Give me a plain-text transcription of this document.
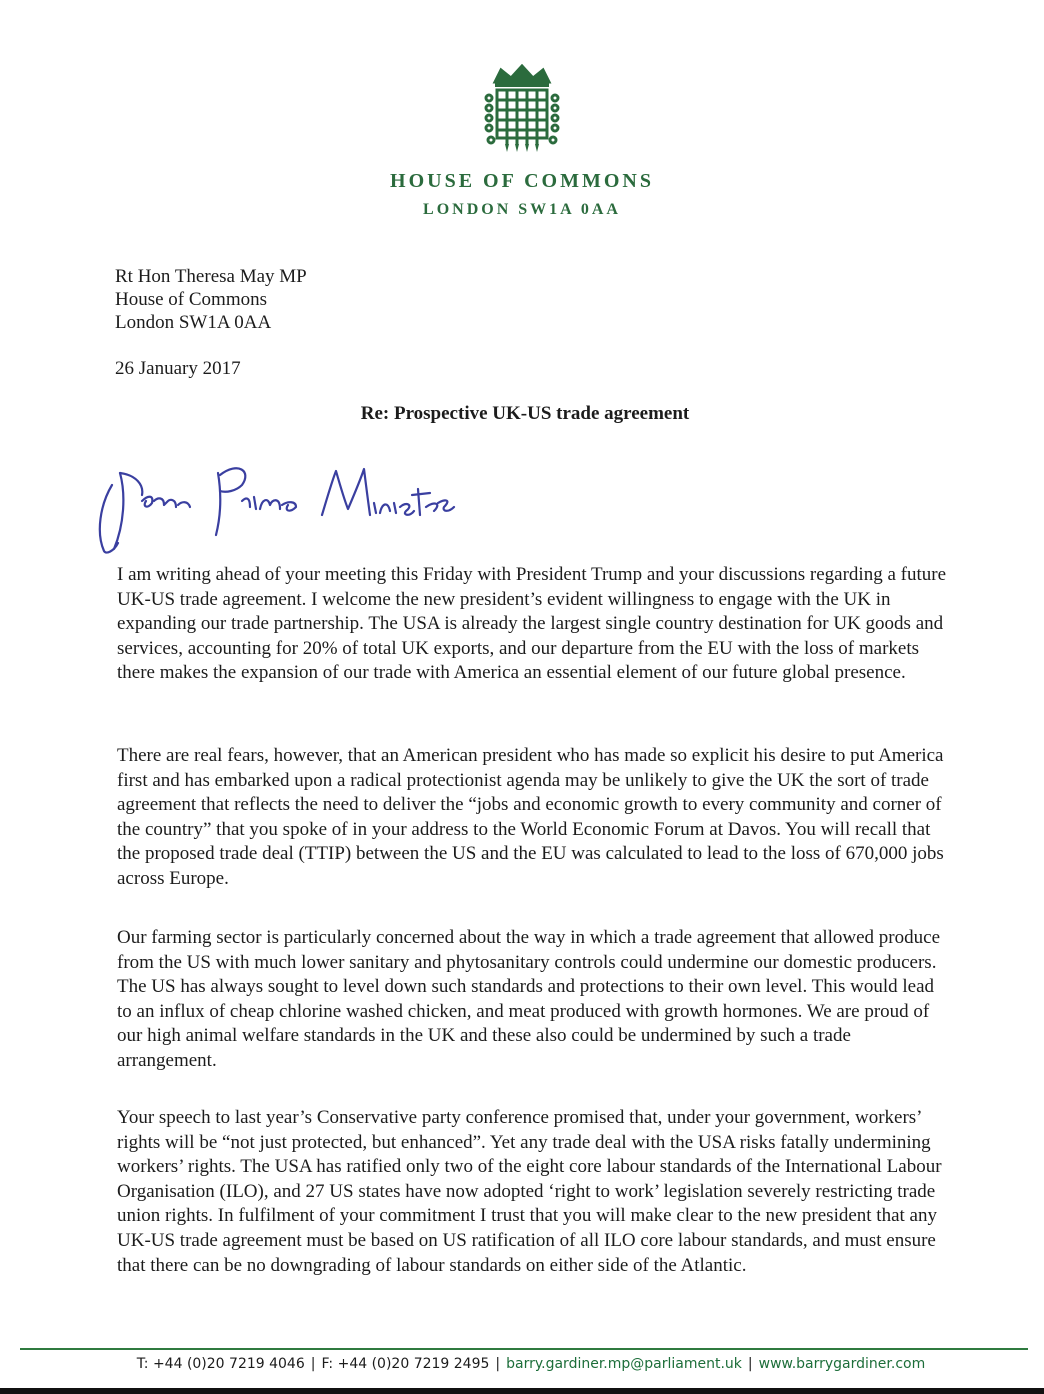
HOUSE OF COMMONS
LONDON SW1A 0AA
Rt Hon Theresa May MP
House of Commons
London SW1A 0AA
26 January 2017
Re: Prospective UK-US trade agreement

I am writing ahead of your meeting this Friday with President Trump and your discussions regarding a future UK-US trade agreement. I welcome the new president’s evident willingness to engage with the UK in expanding our trade partnership. The USA is already the largest single country destination for UK goods and services, accounting for 20% of total UK exports, and our departure from the EU with the loss of markets there makes the expansion of our trade with America an essential element of our future global presence.

There are real fears, however, that an American president who has made so explicit his desire to put America first and has embarked upon a radical protectionist agenda may be unlikely to give the UK the sort of trade agreement that reflects the need to deliver the “jobs and economic growth to every community and corner of the country” that you spoke of in your address to the World Economic Forum at Davos. You will recall that the proposed trade deal (TTIP) between the US and the EU was calculated to lead to the loss of 670,000 jobs across Europe.

Our farming sector is particularly concerned about the way in which a trade agreement that allowed produce from the US with much lower sanitary and phytosanitary controls could undermine our domestic producers. The US has always sought to level down such standards and protections to their own level. This would lead to an influx of cheap chlorine washed chicken, and meat produced with growth hormones. We are proud of our high animal welfare standards in the UK and these also could be undermined by such a trade arrangement.

Your speech to last year’s Conservative party conference promised that, under your government, workers’ rights will be “not just protected, but enhanced”. Yet any trade deal with the USA risks fatally undermining workers’ rights. The USA has ratified only two of the eight core labour standards of the International Labour Organisation (ILO), and 27 US states have now adopted ‘right to work’ legislation severely restricting trade union rights. In fulfilment of your commitment I trust that you will make clear to the new president that any UK-US trade agreement must be based on US ratification of all ILO core labour standards, and must ensure that there can be no downgrading of labour standards on either side of the Atlantic.

T: +44 (0)20 7219 4046 | F: +44 (0)20 7219 2495 | barry.gardiner.mp@parliament.uk | www.barrygardiner.com
